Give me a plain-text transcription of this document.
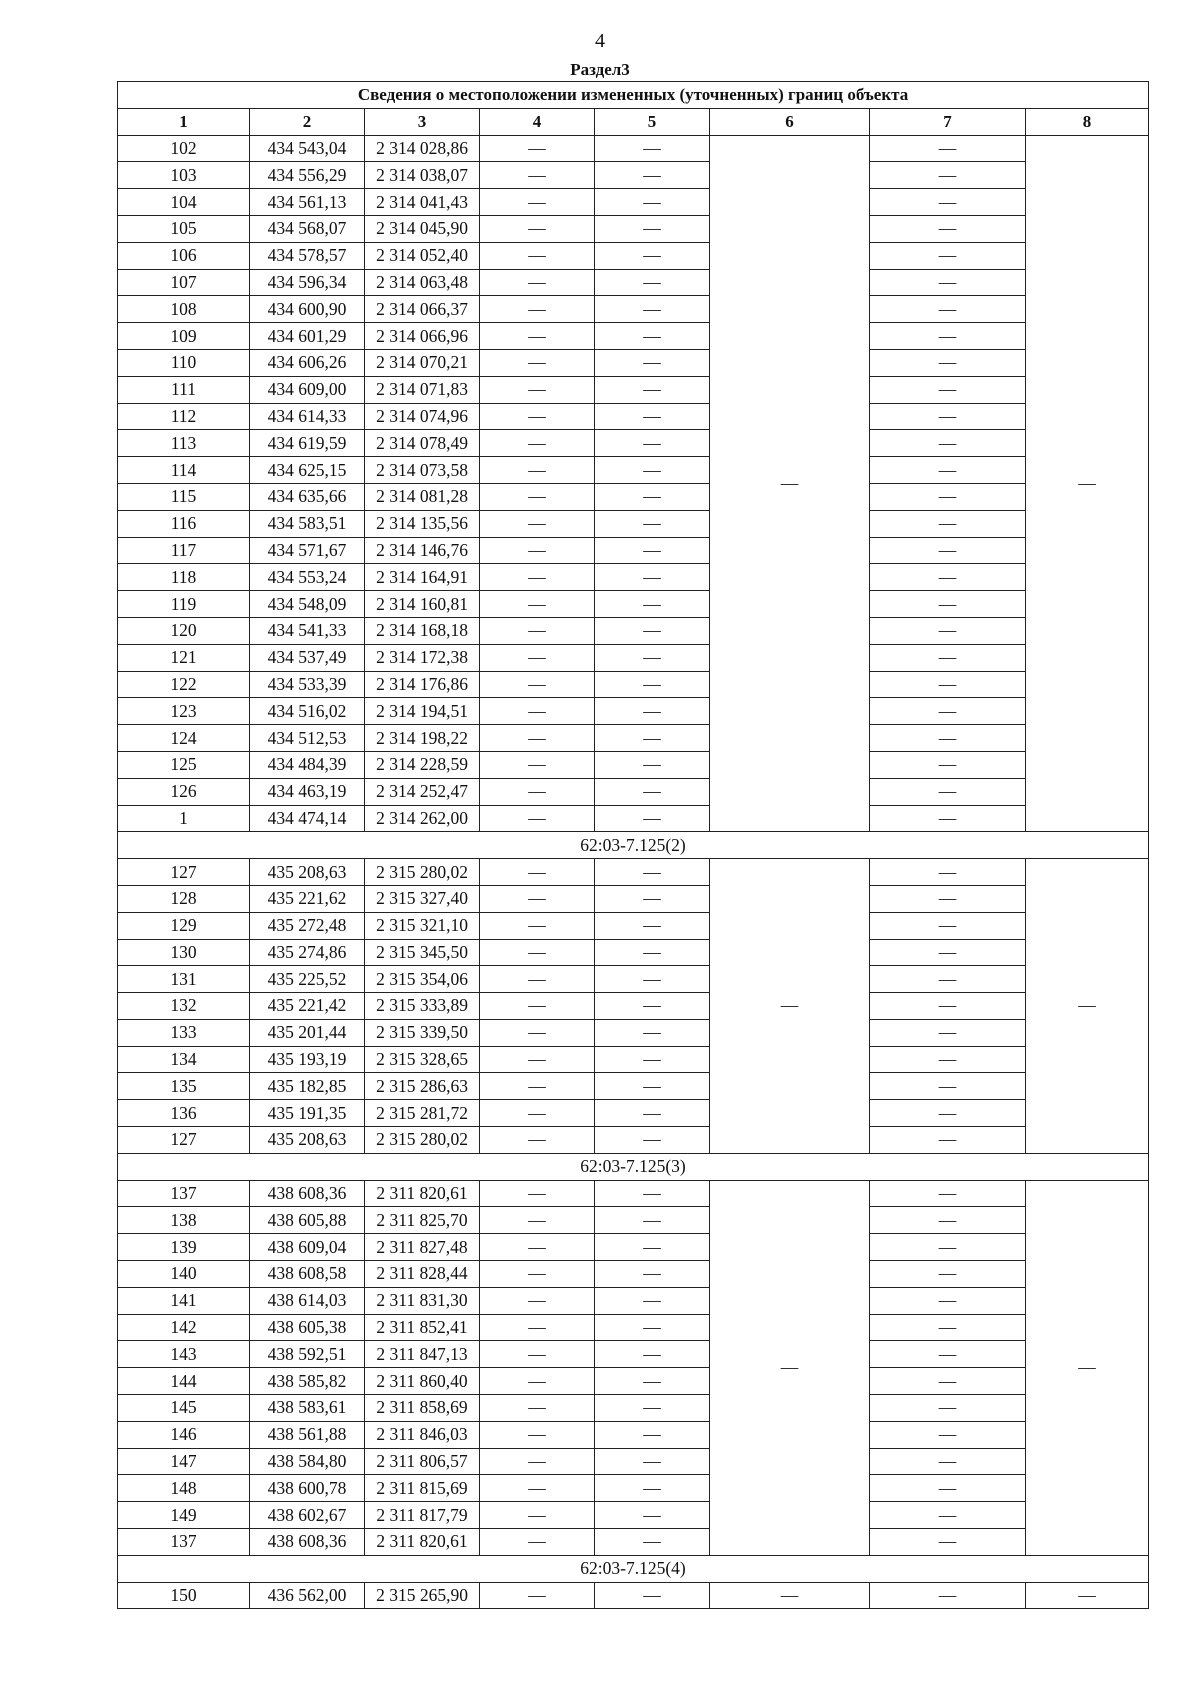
4
Раздел3
Сведения о местоположении измененных (уточненных) границ объекта							
1	2	3	4	5	6	7	8
102	434 543,04	2 314 028,86	—	—	—	—	—
103	434 556,29	2 314 038,07	—	—		—	
104	434 561,13	2 314 041,43	—	—		—	
105	434 568,07	2 314 045,90	—	—		—	
106	434 578,57	2 314 052,40	—	—		—	
107	434 596,34	2 314 063,48	—	—		—	
108	434 600,90	2 314 066,37	—	—		—	
109	434 601,29	2 314 066,96	—	—		—	
110	434 606,26	2 314 070,21	—	—		—	
111	434 609,00	2 314 071,83	—	—		—	
112	434 614,33	2 314 074,96	—	—		—	
113	434 619,59	2 314 078,49	—	—		—	
114	434 625,15	2 314 073,58	—	—		—	
115	434 635,66	2 314 081,28	—	—		—	
116	434 583,51	2 314 135,56	—	—		—	
117	434 571,67	2 314 146,76	—	—		—	
118	434 553,24	2 314 164,91	—	—		—	
119	434 548,09	2 314 160,81	—	—		—	
120	434 541,33	2 314 168,18	—	—		—	
121	434 537,49	2 314 172,38	—	—		—	
122	434 533,39	2 314 176,86	—	—		—	
123	434 516,02	2 314 194,51	—	—		—	
124	434 512,53	2 314 198,22	—	—		—	
125	434 484,39	2 314 228,59	—	—		—	
126	434 463,19	2 314 252,47	—	—		—	
1	434 474,14	2 314 262,00	—	—		—	
62:03-7.125(2)							
127	435 208,63	2 315 280,02	—	—	—	—	—
128	435 221,62	2 315 327,40	—	—		—	
129	435 272,48	2 315 321,10	—	—		—	
130	435 274,86	2 315 345,50	—	—		—	
131	435 225,52	2 315 354,06	—	—		—	
132	435 221,42	2 315 333,89	—	—		—	
133	435 201,44	2 315 339,50	—	—		—	
134	435 193,19	2 315 328,65	—	—		—	
135	435 182,85	2 315 286,63	—	—		—	
136	435 191,35	2 315 281,72	—	—		—	
127	435 208,63	2 315 280,02	—	—		—	
62:03-7.125(3)							
137	438 608,36	2 311 820,61	—	—	—	—	—
138	438 605,88	2 311 825,70	—	—		—	
139	438 609,04	2 311 827,48	—	—		—	
140	438 608,58	2 311 828,44	—	—		—	
141	438 614,03	2 311 831,30	—	—		—	
142	438 605,38	2 311 852,41	—	—		—	
143	438 592,51	2 311 847,13	—	—		—	
144	438 585,82	2 311 860,40	—	—		—	
145	438 583,61	2 311 858,69	—	—		—	
146	438 561,88	2 311 846,03	—	—		—	
147	438 584,80	2 311 806,57	—	—		—	
148	438 600,78	2 311 815,69	—	—		—	
149	438 602,67	2 311 817,79	—	—		—	
137	438 608,36	2 311 820,61	—	—		—	
62:03-7.125(4)							
150	436 562,00	2 315 265,90	—	—	—	—	—
